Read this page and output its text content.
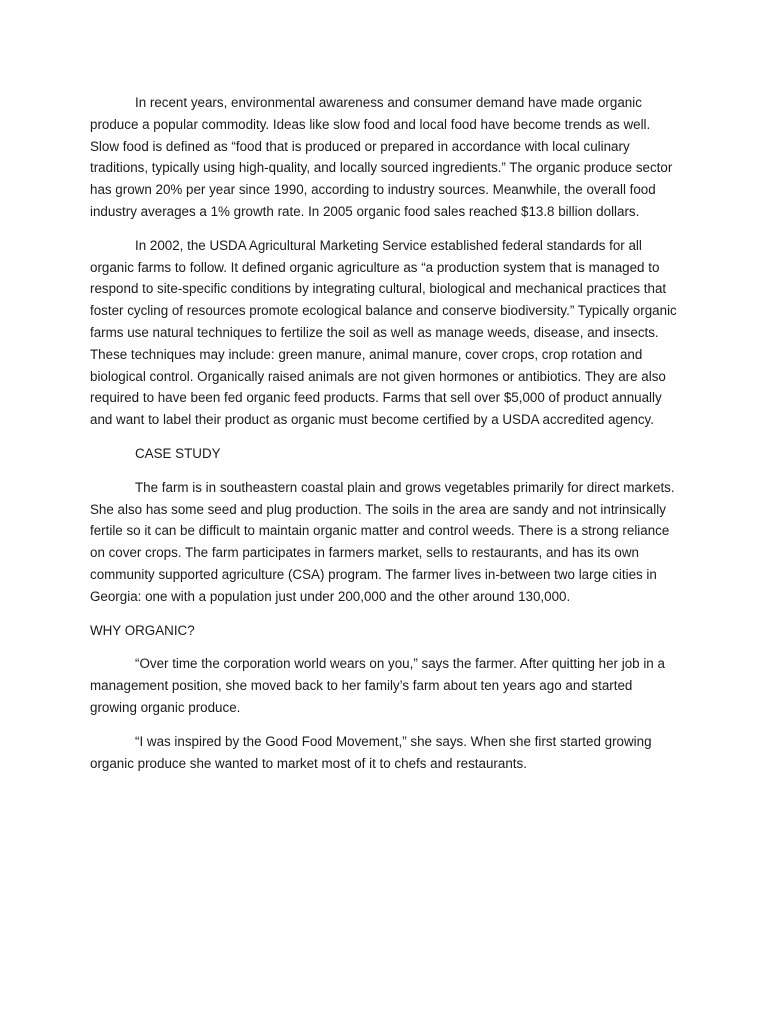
In recent years, environmental awareness and consumer demand have made organic produce a popular commodity. Ideas like slow food and local food have become trends as well. Slow food is defined as “food that is produced or prepared in accordance with local culinary traditions, typically using high-quality, and locally sourced ingredients.” The organic produce sector has grown 20% per year since 1990, according to industry sources. Meanwhile, the overall food industry averages a 1% growth rate. In 2005 organic food sales reached $13.8 billion dollars.

In 2002, the USDA Agricultural Marketing Service established federal standards for all organic farms to follow. It defined organic agriculture as “a production system that is managed to respond to site-specific conditions by integrating cultural, biological and mechanical practices that foster cycling of resources promote ecological balance and conserve biodiversity.” Typically organic farms use natural techniques to fertilize the soil as well as manage weeds, disease, and insects. These techniques may include: green manure, animal manure, cover crops, crop rotation and biological control. Organically raised animals are not given hormones or antibiotics. They are also required to have been fed organic feed products. Farms that sell over $5,000 of product annually and want to label their product as organic must become certified by a USDA accredited agency.

CASE STUDY

The farm is in southeastern coastal plain and grows vegetables primarily for direct markets. She also has some seed and plug production. The soils in the area are sandy and not intrinsically fertile so it can be difficult to maintain organic matter and control weeds. There is a strong reliance on cover crops. The farm participates in farmers market, sells to restaurants, and has its own community supported agriculture (CSA) program. The farmer lives in-between two large cities in Georgia: one with a population just under 200,000 and the other around 130,000.

WHY ORGANIC?

“Over time the corporation world wears on you,” says the farmer. After quitting her job in a management position, she moved back to her family’s farm about ten years ago and started growing organic produce.

“I was inspired by the Good Food Movement,” she says. When she first started growing organic produce she wanted to market most of it to chefs and restaurants.
